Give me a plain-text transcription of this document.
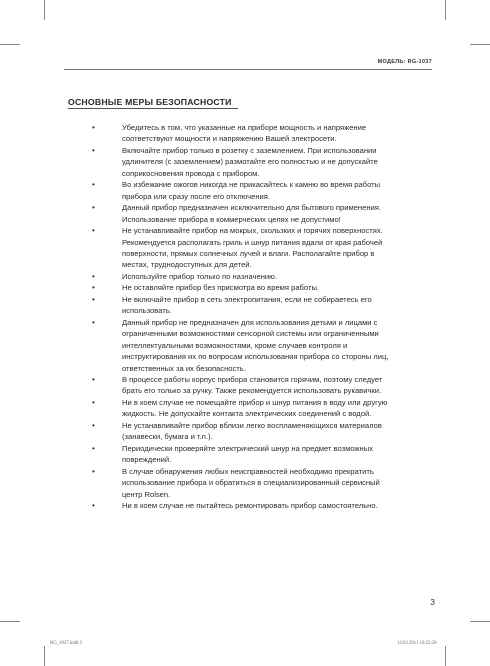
МОДЕЛЬ: RG-1037
ОСНОВНЫЕ МЕРЫ БЕЗОПАСНОСТИ
• Убедитесь в том, что указанные на приборе мощность и напряжение соответствуют мощности и напряжению Вашей электросети.
• Включайте прибор только в розетку с заземлением. При использовании удлинителя (с заземлением) размотайте его полностью и не допускайте соприкосновения провода с прибором.
• Во избежание ожогов никогда не прикасайтесь к камню во время работы прибора или сразу после его отключения.
• Данный прибор предназначен исключительно для бытового применения. Использование прибора в коммерческих целях не допустимо!
• Не устанавливайте прибор на мокрых, скользких и горячих поверхностях. Рекомендуется располагать гриль и шнур питания вдали от края рабочей поверхности, прямых солнечных лучей и влаги. Располагайте прибор в местах, труднодоступных для детей.
• Используйте прибор только по назначению.
• Не оставляйте прибор без присмотра во время работы.
• Не включайте прибор в сеть электропитания, если не собираетесь его использовать.
• Данный прибор не предназначен для использования детьми и лицами с ограниченными возможностями сенсорной системы или ограниченными интеллектуальными возможностями, кроме случаев контроля и инструктирования их по вопросам использования прибора со стороны лиц, ответственных за их безопасность.
• В процессе работы корпус прибора становится горячим, поэтому следует брать его только за ручку. Также рекомендуется использовать рукавички.
• Ни в коем случае не помещайте прибор и шнур питания в воду или другую жидкость. Не допускайте контакта электрических соединений с водой.
• Не устанавливайте прибор вблизи легко воспламеняющихся материалов (занавески, бумага и т.п.).
• Периодически проверяйте электрический шнур на предмет возможных повреждений.
• В случае обнаружения любых неисправностей необходимо прекратить использование прибора и обратиться в специализированный сервисный центр Rolsen.
• Ни в коем случае не пытайтесь ремонтировать прибор самостоятельно.
3
RG_1037.indd 3	14.03.2011 10:22:28
